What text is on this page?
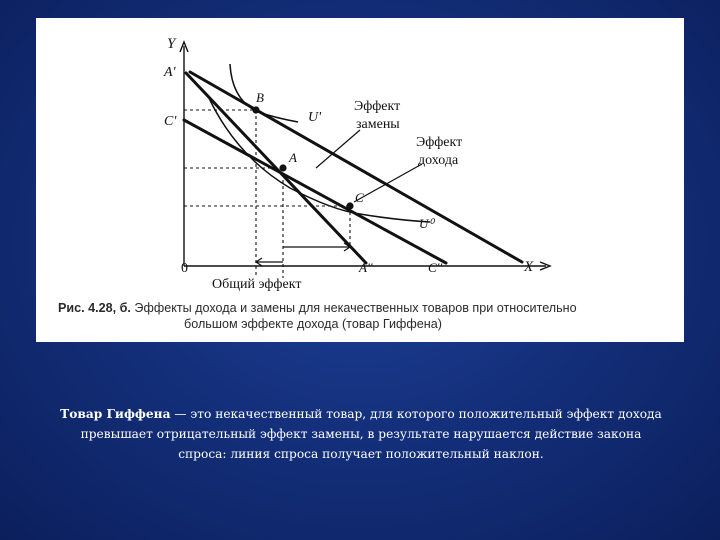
Y
X
0
A'
C'
B
A
C
A''	C''
U'
U⁰
Эффект
замены
Эффект
дохода
Общий эффект
Рис. 4.28, б. Эффекты дохода и замены для некачественных товаров при относительно
большом эффекте дохода (товар Гиффена)
Товар Гиффена — это некачественный товар, для которого положительный эффект дохода превышает отрицательный эффект замены, в результате нарушается действие закона спроса: линия спроса получает положительный наклон.
